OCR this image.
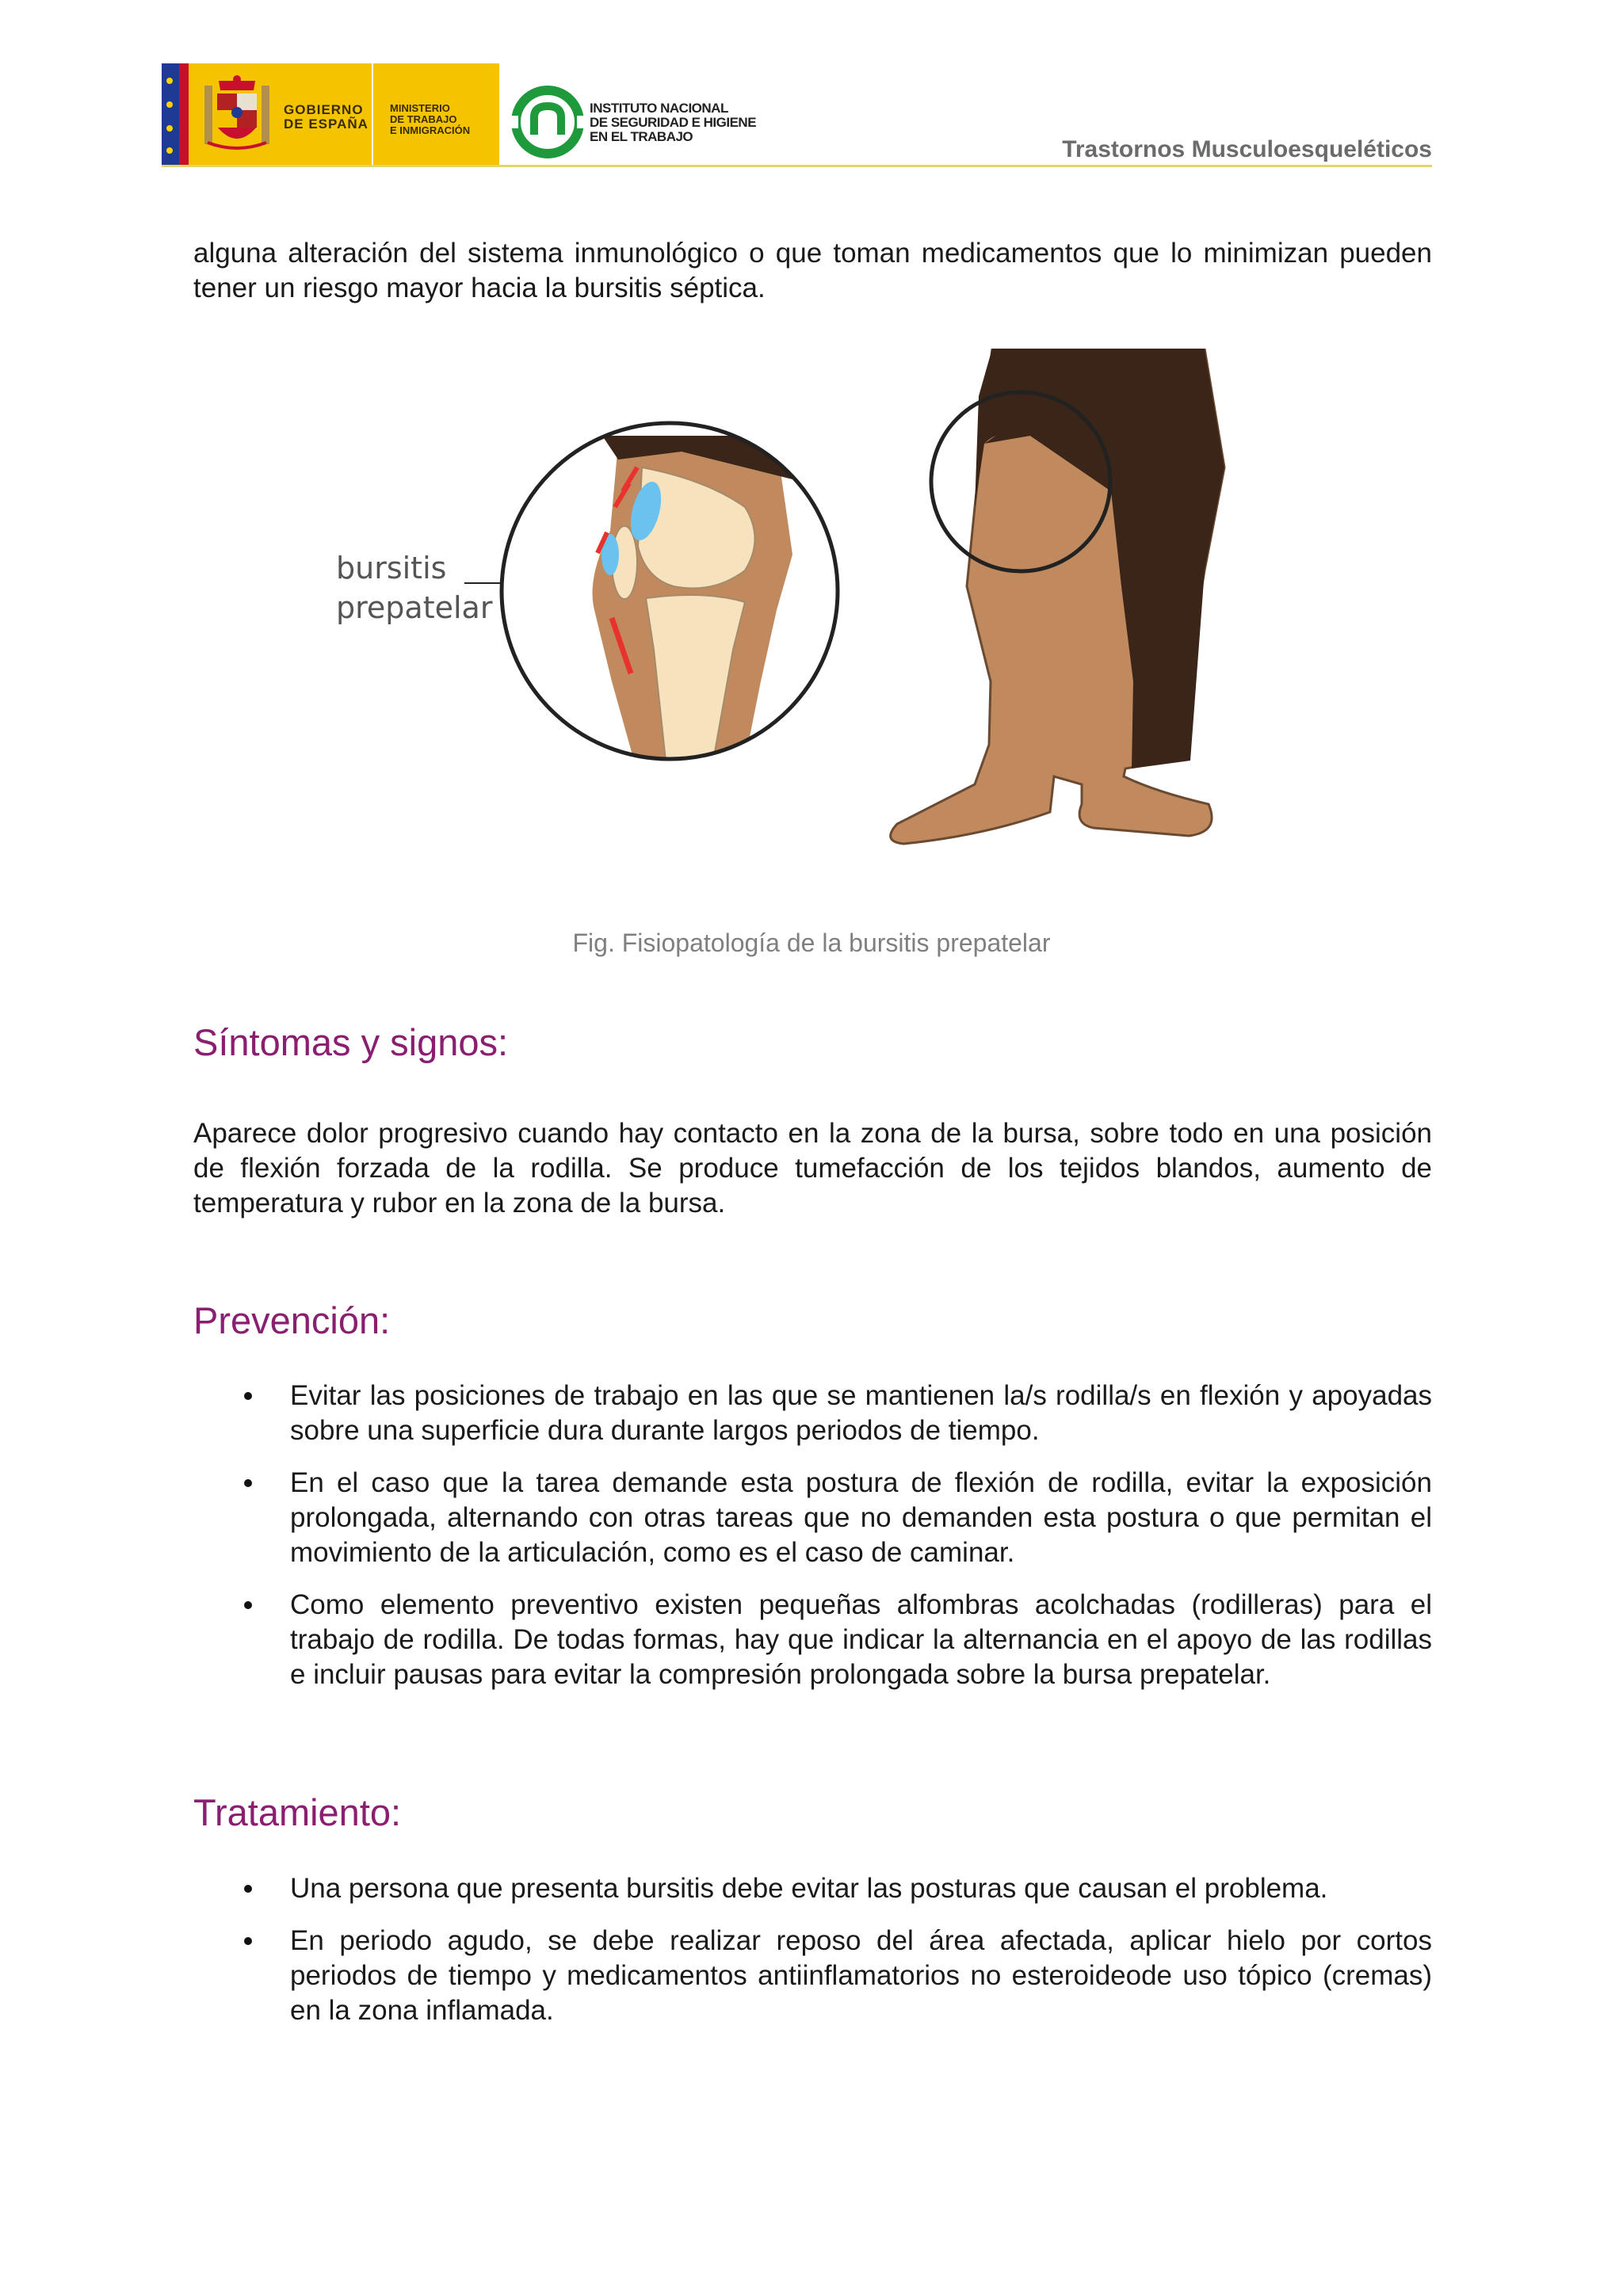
GOBIERNO
DE ESPAÑA
MINISTERIO
DE TRABAJO
E INMIGRACIÓN
INSTITUTO NACIONAL
DE SEGURIDAD E HIGIENE
EN EL TRABAJO	Trastornos Musculoesqueléticos

alguna alteración del sistema inmunológico o que toman medicamentos que lo minimizan pueden tener un riesgo mayor hacia la bursitis séptica.

bursitis
prepatelar
Fig. Fisiopatología de la bursitis prepatelar
Síntomas y signos:

Aparece dolor progresivo cuando hay contacto en la zona de la bursa, sobre todo en una posición de flexión forzada de la rodilla. Se produce tumefacción de los tejidos blandos, aumento de temperatura y rubor en la zona de la bursa.

Prevención:
Evitar las posiciones de trabajo en las que se mantienen la/s rodilla/s en flexión y apoyadas sobre una superficie dura durante largos periodos de tiempo.
En el caso que la tarea demande esta postura de flexión de rodilla, evitar la exposición prolongada, alternando con otras tareas que no demanden esta postura o que permitan el movimiento de la articulación, como es el caso de caminar.
Como elemento preventivo existen pequeñas alfombras acolchadas (rodilleras) para el trabajo de rodilla. De todas formas, hay que indicar la alternancia en el apoyo de las rodillas e incluir pausas para evitar la compresión prolongada sobre la bursa prepatelar.
Tratamiento:
Una persona que presenta bursitis debe evitar las posturas que causan el problema.
En periodo agudo, se debe realizar reposo del área afectada, aplicar hielo por cortos periodos de tiempo y medicamentos antiinflamatorios no esteroideode uso tópico (cremas) en la zona inflamada.
